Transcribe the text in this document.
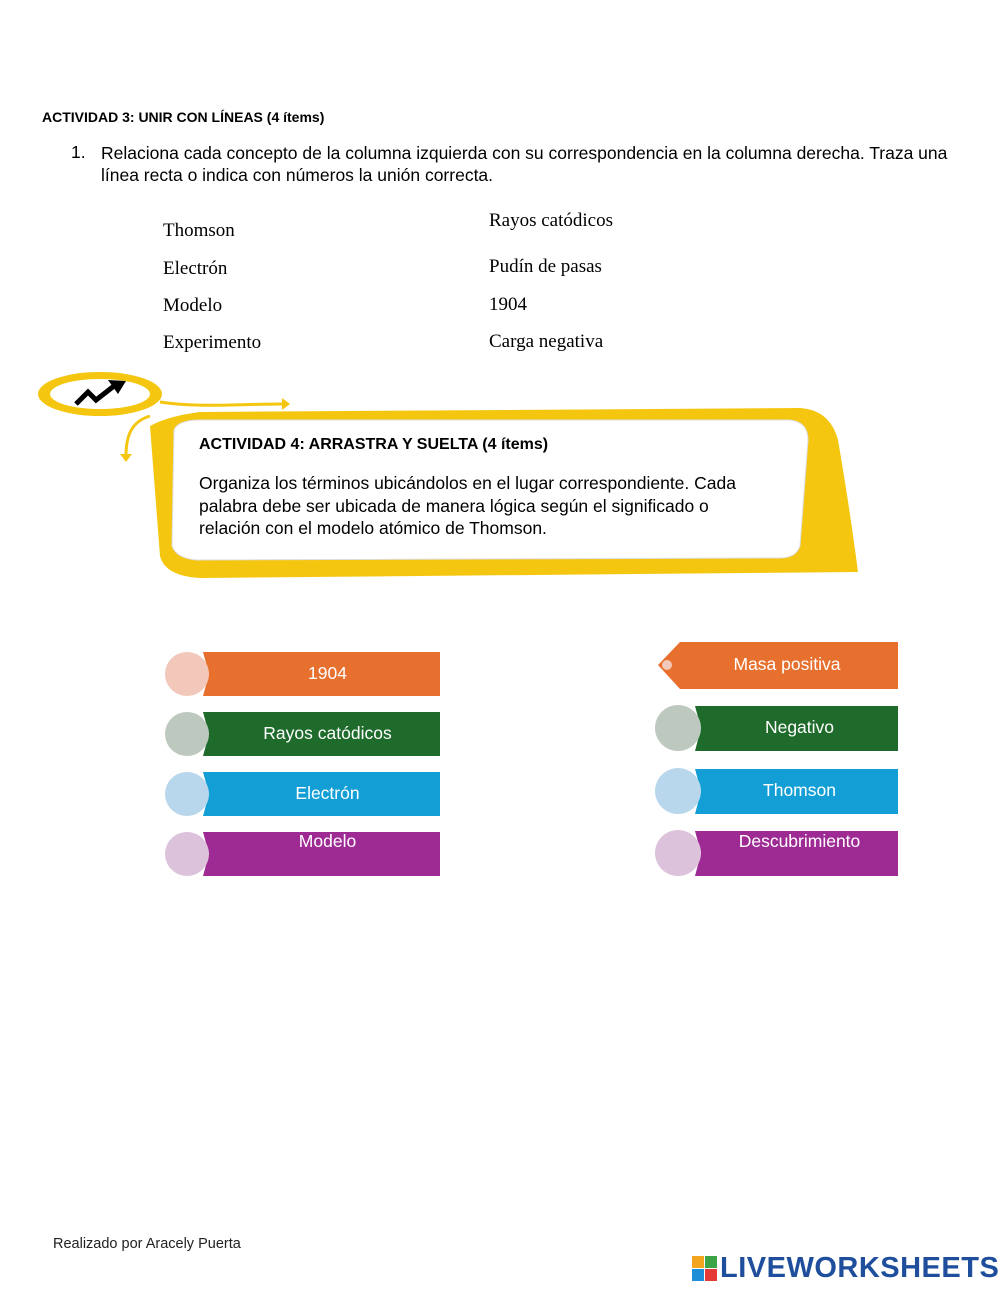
ACTIVIDAD 3: UNIR CON LÍNEAS (4 ítems)
1. Relaciona cada concepto de la columna izquierda con su correspondencia en la columna derecha. Traza una línea recta o indica con números la unión correcta.
Thomson
Electrón
Modelo
Experimento
Rayos catódicos
Pudín de pasas
1904
Carga negativa
ACTIVIDAD 4: ARRASTRA Y SUELTA (4 ítems)
Organiza los términos ubicándolos en el lugar correspondiente. Cada palabra debe ser ubicada de manera lógica según el significado o relación con el modelo atómico de Thomson.
1904
Rayos catódicos
Electrón
Modelo
Masa positiva
Negativo
Thomson
Descubrimiento
Realizado por Aracely Puerta
LIVEWORKSHEETS
